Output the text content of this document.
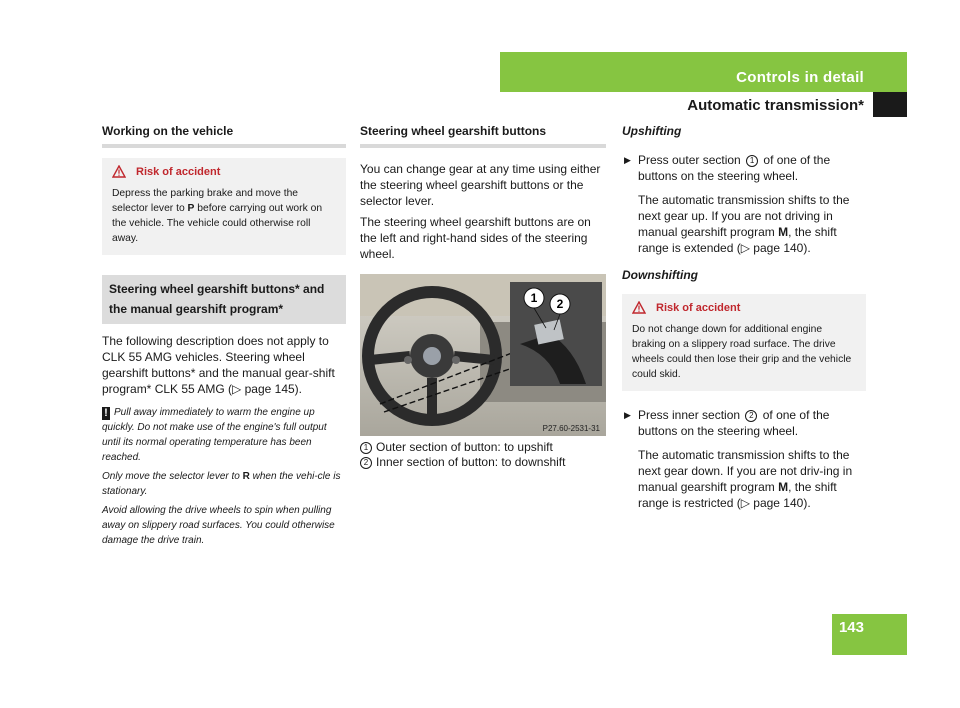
Controls in detail
Automatic transmission*
Working on the vehicle
Risk of accident
Depress the parking brake and move the selector lever to P before carrying out work on the vehicle. The vehicle could otherwise roll away.
Steering wheel gearshift buttons* and the manual gearshift program*

The following description does not apply to CLK 55 AMG vehicles. Steering wheel gearshift buttons* and the manual gear-shift program* CLK 55 AMG (▷ page 145).

! Pull away immediately to warm the engine up quickly. Do not make use of the engine's full output until its normal operating temperature has been reached.

Only move the selector lever to R when the vehi-cle is stationary.

Avoid allowing the drive wheels to spin when pulling away on slippery road surfaces. You could otherwise damage the drive train.

Steering wheel gearshift buttons

You can change gear at any time using either the steering wheel gearshift buttons or the selector lever.

The steering wheel gearshift buttons are on the left and right-hand sides of the steering wheel.

1 2
P27.60-2531-31
1 Outer section of button: to upshift
2 Inner section of button: to downshift
Upshifting
▶ Press outer section 1 of one of the buttons on the steering wheel.

The automatic transmission shifts to the next gear up. If you are not driving in manual gearshift program M, the shift range is extended (▷ page 140).

Downshifting
Risk of accident
Do not change down for additional engine braking on a slippery road surface. The drive wheels could then lose their grip and the vehicle could skid.
▶ Press inner section 2 of one of the buttons on the steering wheel.

The automatic transmission shifts to the next gear down. If you are not driv-ing in manual gearshift program M, the shift range is restricted (▷ page 140).

143
